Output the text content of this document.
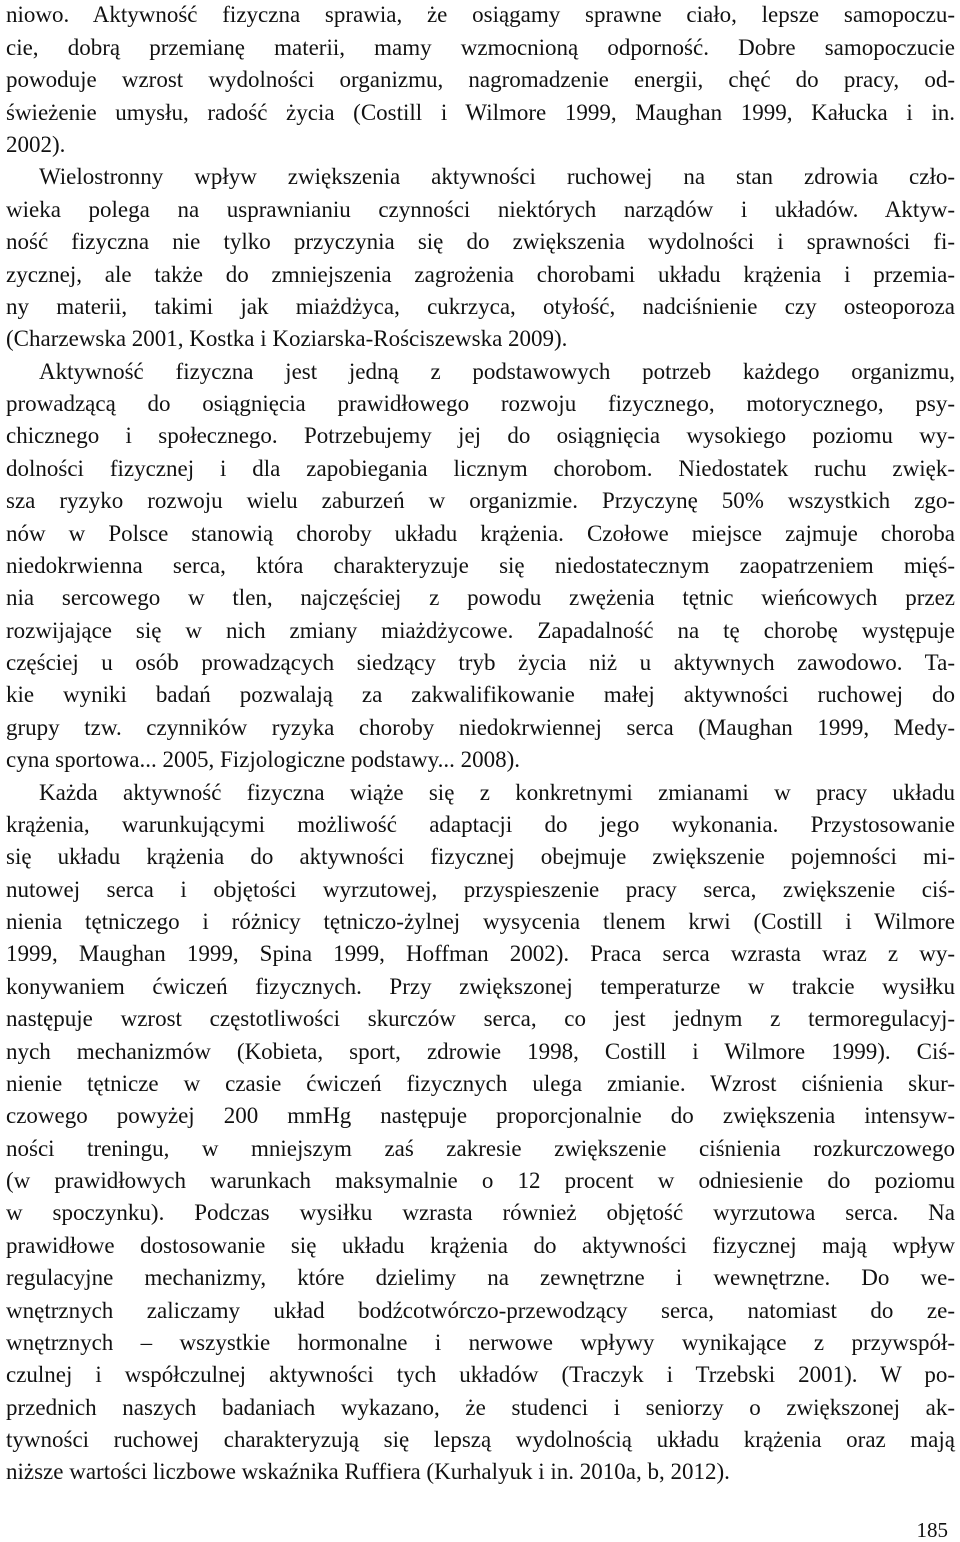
niowo. Aktywność fizyczna sprawia, że osiągamy sprawne ciało, lepsze samopoczu-
cie, dobrą przemianę materii, mamy wzmocnioną odporność. Dobre samopoczucie
powoduje wzrost wydolności organizmu, nagromadzenie energii, chęć do pracy, od-
świeżenie umysłu, radość życia (Costill i Wilmore 1999, Maughan 1999, Kałucka i in.
2002).
Wielostronny wpływ zwiększenia aktywności ruchowej na stan zdrowia czło-
wieka polega na usprawnianiu czynności niektórych narządów i układów. Aktyw-
ność fizyczna nie tylko przyczynia się do zwiększenia wydolności i sprawności fi-
zycznej, ale także do zmniejszenia zagrożenia chorobami układu krążenia i przemia-
ny materii, takimi jak miażdżyca, cukrzyca, otyłość, nadciśnienie czy osteoporoza
(Charzewska 2001, Kostka i Koziarska-Rościszewska 2009).
Aktywność fizyczna jest jedną z podstawowych potrzeb każdego organizmu,
prowadzącą do osiągnięcia prawidłowego rozwoju fizycznego, motorycznego, psy-
chicznego i społecznego. Potrzebujemy jej do osiągnięcia wysokiego poziomu wy-
dolności fizycznej i dla zapobiegania licznym chorobom. Niedostatek ruchu zwięk-
sza ryzyko rozwoju wielu zaburzeń w organizmie. Przyczynę 50% wszystkich zgo-
nów w Polsce stanowią choroby układu krążenia. Czołowe miejsce zajmuje choroba
niedokrwienna serca, która charakteryzuje się niedostatecznym zaopatrzeniem mięś-
nia sercowego w tlen, najczęściej z powodu zwężenia tętnic wieńcowych przez
rozwijające się w nich zmiany miażdżycowe. Zapadalność na tę chorobę występuje
częściej u osób prowadzących siedzący tryb życia niż u aktywnych zawodowo. Ta-
kie wyniki badań pozwalają za zakwalifikowanie małej aktywności ruchowej do
grupy tzw. czynników ryzyka choroby niedokrwiennej serca (Maughan 1999, Medy-
cyna sportowa... 2005, Fizjologiczne podstawy... 2008).
Każda aktywność fizyczna wiąże się z konkretnymi zmianami w pracy układu
krążenia, warunkującymi możliwość adaptacji do jego wykonania. Przystosowanie
się układu krążenia do aktywności fizycznej obejmuje zwiększenie pojemności mi-
nutowej serca i objętości wyrzutowej, przyspieszenie pracy serca, zwiększenie ciś-
nienia tętniczego i różnicy tętniczo-żylnej wysycenia tlenem krwi (Costill i Wilmore
1999, Maughan 1999, Spina 1999, Hoffman 2002). Praca serca wzrasta wraz z wy-
konywaniem ćwiczeń fizycznych. Przy zwiększonej temperaturze w trakcie wysiłku
następuje wzrost częstotliwości skurczów serca, co jest jednym z termoregulacyj-
nych mechanizmów (Kobieta, sport, zdrowie 1998, Costill i Wilmore 1999). Ciś-
nienie tętnicze w czasie ćwiczeń fizycznych ulega zmianie. Wzrost ciśnienia skur-
czowego powyżej 200 mmHg następuje proporcjonalnie do zwiększenia intensyw-
ności treningu, w mniejszym zaś zakresie zwiększenie ciśnienia rozkurczowego
(w prawidłowych warunkach maksymalnie o 12 procent w odniesienie do poziomu
w spoczynku). Podczas wysiłku wzrasta również objętość wyrzutowa serca. Na
prawidłowe dostosowanie się układu krążenia do aktywności fizycznej mają wpływ
regulacyjne mechanizmy, które dzielimy na zewnętrzne i wewnętrzne. Do we-
wnętrznych zaliczamy układ bodźcotwórczo-przewodzący serca, natomiast do ze-
wnętrznych – wszystkie hormonalne i nerwowe wpływy wynikające z przywspół-
czulnej i współczulnej aktywności tych układów (Traczyk i Trzebski 2001). W po-
przednich naszych badaniach wykazano, że studenci i seniorzy o zwiększonej ak-
tywności ruchowej charakteryzują się lepszą wydolnością układu krążenia oraz mają
niższe wartości liczbowe wskaźnika Ruffiera (Kurhalyuk i in. 2010a, b, 2012).
185
